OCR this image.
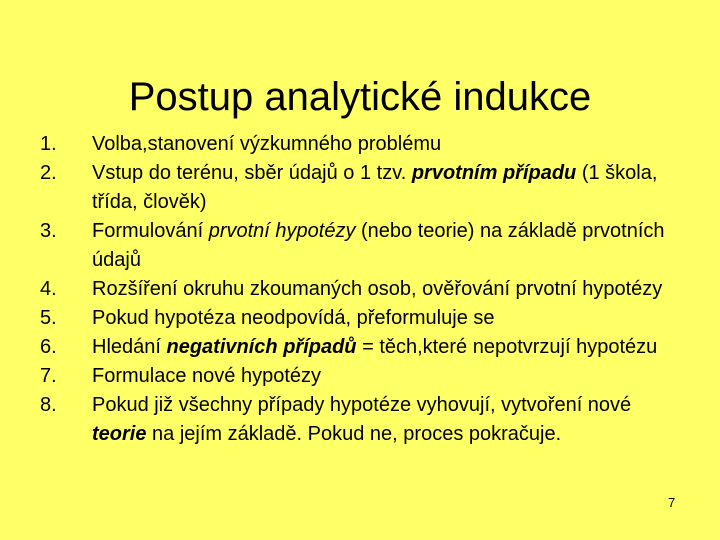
Postup analytické indukce
1.	Volba,stanovení výzkumného problému
2.	Vstup do terénu, sběr údajů o 1 tzv. prvotním případu (1 škola, třída, člověk)
3.	Formulování prvotní hypotézy (nebo teorie) na základě prvotních údajů
4.	Rozšíření okruhu zkoumaných osob, ověřování prvotní hypotézy
5.	Pokud hypotéza neodpovídá, přeformuluje se
6.	Hledání negativních případů = těch,které nepotvrzují hypotézu
7.	Formulace nové hypotézy
8.	Pokud již všechny případy hypotéze vyhovují, vytvoření nové teorie na jejím základě. Pokud ne, proces pokračuje.
7
